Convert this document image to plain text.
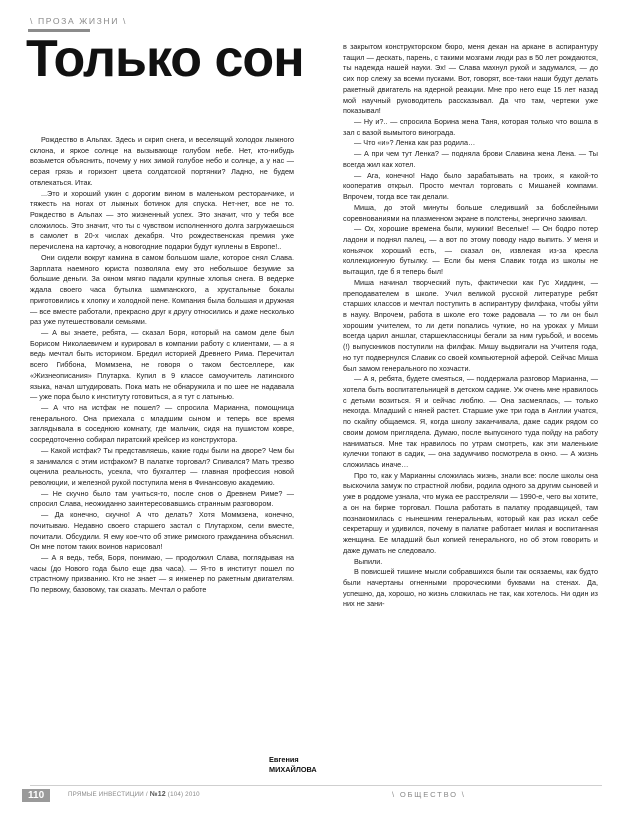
\ ПРОЗА ЖИЗНИ \
Только сон

Рождество в Альпах. Здесь и скрип снега, и веселящий холодок лыжного склона, и яркое солнце на вызывающе голубом небе. Нет, кто-нибудь возьмется объяснить, почему у них зимой голубое небо и солнце, а у нас — серая грязь и горизонт цвета солдатской портянки? Ладно, не будем отвлекаться. Итак.

...Это и хороший ужин с дорогим вином в маленьком ресторанчике, и тяжесть на ногах от лыжных ботинок для спуска. Нет-нет, все не то. Рождество в Альпах — это жизненный успех. Это значит, что у тебя все сложилось. Это значит, что ты с чувством исполненного долга загружаешься в самолет в 20-х числах декабря. Что рождественская премия уже перечислена на карточку, а новогодние подарки будут куплены в Европе!..

Они сидели вокруг камина в самом большом шале, которое снял Слава. Зарплата наемного юриста позволяла ему это небольшое безумие за большие деньги. За окном мягко падали крупные хлопья снега. В ведерке ждала своего часа бутылка шампанского, а хрустальные бокалы приготовились к хлопку и холодной пене. Компания была большая и дружная — все вместе работали, прекрасно друг к другу относились и даже несколько раз уже путешествовали семьями.

— А вы знаете, ребята, — сказал Боря, который на самом деле был Борисом Николаевичем и курировал в компании работу с клиентами, — а я ведь мечтал быть историком. Бредил историей Древнего Рима. Перечитал всего Гиббона, Моммзена, не говоря о таком бестселлере, как «Жизнеописания» Плутарха. Купил в 9 классе самоучитель латинского языка, начал штудировать. Пока мать не обнаружила и по шее не надавала — уже пора было к институту готовиться, а я тут с латынью.

— А что на истфак не пошел? — спросила Марианна, помощница генерального. Она приехала с младшим сыном и теперь все время заглядывала в соседнюю комнату, где мальчик, сидя на пушистом ковре, сосредоточенно собирал пиратский крейсер из конструктора.

— Какой истфак? Ты представляешь, какие годы были на дворе? Чем бы я занимался с этим истфаком? В палатке торговал? Спивался? Мать трезво оценила реальность, усекла, что бухгалтер — главная профессия новой революции, и железной рукой поступила меня в Финансовую академию.

— Не скучно было там учиться-то, после снов о Древнем Риме? — спросил Слава, неожиданно заинтересовавшись странным разговором.

— Да конечно, скучно! А что делать? Хотя Моммзена, конечно, почитываю. Недавно своего старшего застал с Плутархом, сели вместе, почитали. Обсудили. Я ему кое-что об этике римского гражданина объяснил. Он мне потом таких воинов нарисовал!

— А я ведь, тебя, Боря, понимаю, — продолжил Слава, поглядывая на часы (до Нового года было еще два часа). — Я-то в институт пошел по страстному призванию. Кто не знает — я инженер по ракетным двигателям. По первому, базовому, так сказать. Мечтал о работе

в закрытом конструкторском бюро, меня декан на аркане в аспирантуру тащил — дескать, парень, с такими мозгами люди раз в 50 лет рождаются, ты надежда нашей науки. Эх! — Слава махнул рукой и задумался, — до сих пор слежу за всеми пусками. Вот, говорят, все-таки наши будут делать ракетный двигатель на ядерной реакции. Мне про него еще 15 лет назад мой научный руководитель рассказывал. Да что там, чертежи уже показывал!

— Ну и?.. — спросила Борина жена Таня, которая только что вошла в зал с вазой вымытого винограда.

— Что «и»? Ленка как раз родила…

— А при чем тут Ленка? — подняла брови Славина жена Лена. — Ты всегда жил как хотел.

— Ага, конечно! Надо было зарабатывать на троих, я какой-то кооператив открыл. Просто мечтал торговать с Мишаней компами. Впрочем, тогда все так делали.

Миша, до этой минуты больше следивший за бобслейными соревнованиями на плазменном экране в полстены, энергично закивал.

— Ох, хорошие времена были, мужики! Веселые! — Он бодро потер ладони и поднял палец, — а вот по этому поводу надо выпить. У меня и коньячок хороший есть, — сказал он, извлекая из-за кресла коллекционную бутылку. — Если бы меня Славик тогда из школы не вытащил, где б я теперь был!

Миша начинал творческий путь, фактически как Гус Хиддинк, — преподавателем в школе. Учил великой русской литературе ребят старших классов и мечтал поступить в аспирантуру филфака, чтобы уйти в науку. Впрочем, работа в школе его тоже радовала — то ли он был хорошим учителем, то ли дети попались чуткие, но на уроках у Миши всегда царил аншлаг, старшеклассницы бегали за ним гурьбой, и восемь (!) выпускников поступили на филфак. Мишу выдвигали на Учителя года, но тут подвернулся Славик со своей компьютерной аферой. Сейчас Миша был замом генерального по хозчасти.

— А я, ребята, будете смеяться, — поддержала разговор Марианна, — хотела быть воспитательницей в детском садике. Уж очень мне нравилось с детьми возиться. Я и сейчас люблю. — Она засмеялась, — только некогда. Младший с няней растет. Старшие уже три года в Англии учатся, по скайпу общаемся. Я, когда школу заканчивала, даже садик рядом со своим домом приглядела. Думаю, после выпускного туда пойду на работу наниматься. Мне так нравилось по утрам смотреть, как эти маленькие кулечки топают в садик, — она задумчиво посмотрела в окно. — А жизнь сложилась иначе…

Про то, как у Марианны сложилась жизнь, знали все: после школы она выскочила замуж по страстной любви, родила одного за другим сыновей и уже в роддоме узнала, что мужа ее расстреляли — 1990-е, чего вы хотите, а он на бирже торговал. Пошла работать в палатку продавщицей, там познакомилась с нынешним генеральным, который как раз искал себе секретаршу и удивился, почему в палатке работает милая и воспитанная женщина. Ее младший был копией генерального, но об этом говорить и даже думать не следовало.

Выпили.

В повисшей тишине мысли собравшихся были так осязаемы, как будто были начертаны огненными пророческими буквами на стенах. Да, успешно, да, хорошо, но жизнь сложилась не так, как хотелось. Ни один из них не зани-

Евгения
МИХАЙЛОВА
110	ПРЯМЫЕ ИНВЕСТИЦИИ / №12 (104) 2010	\ ОБЩЕСТВО \
